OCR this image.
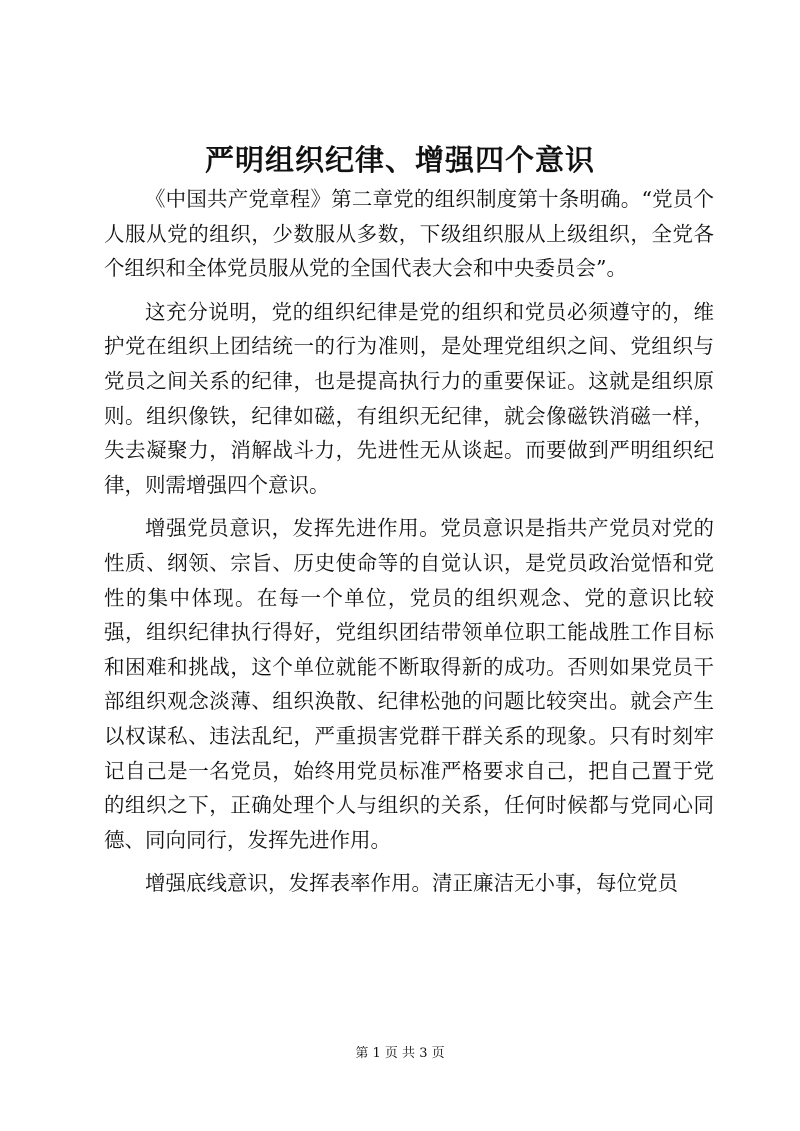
严明组织纪律、增强四个意识

《中国共产党章程》第二章党的组织制度第十条明确。“党员个人服从党的组织，少数服从多数，下级组织服从上级组织，全党各个组织和全体党员服从党的全国代表大会和中央委员会”。

这充分说明，党的组织纪律是党的组织和党员必须遵守的，维护党在组织上团结统一的行为准则，是处理党组织之间、党组织与党员之间关系的纪律，也是提高执行力的重要保证。这就是组织原则。组织像铁，纪律如磁，有组织无纪律，就会像磁铁消磁一样，失去凝聚力，消解战斗力，先进性无从谈起。而要做到严明组织纪律，则需增强四个意识。

增强党员意识，发挥先进作用。党员意识是指共产党员对党的性质、纲领、宗旨、历史使命等的自觉认识，是党员政治觉悟和党性的集中体现。在每一个单位，党员的组织观念、党的意识比较强，组织纪律执行得好，党组织团结带领单位职工能战胜工作目标和困难和挑战，这个单位就能不断取得新的成功。否则如果党员干部组织观念淡薄、组织涣散、纪律松弛的问题比较突出。就会产生以权谋私、违法乱纪，严重损害党群干群关系的现象。只有时刻牢记自己是一名党员，始终用党员标准严格要求自己，把自己置于党的组织之下，正确处理个人与组织的关系，任何时候都与党同心同德、同向同行，发挥先进作用。

增强底线意识，发挥表率作用。清正廉洁无小事，每位党员

第 1 页 共 3 页
